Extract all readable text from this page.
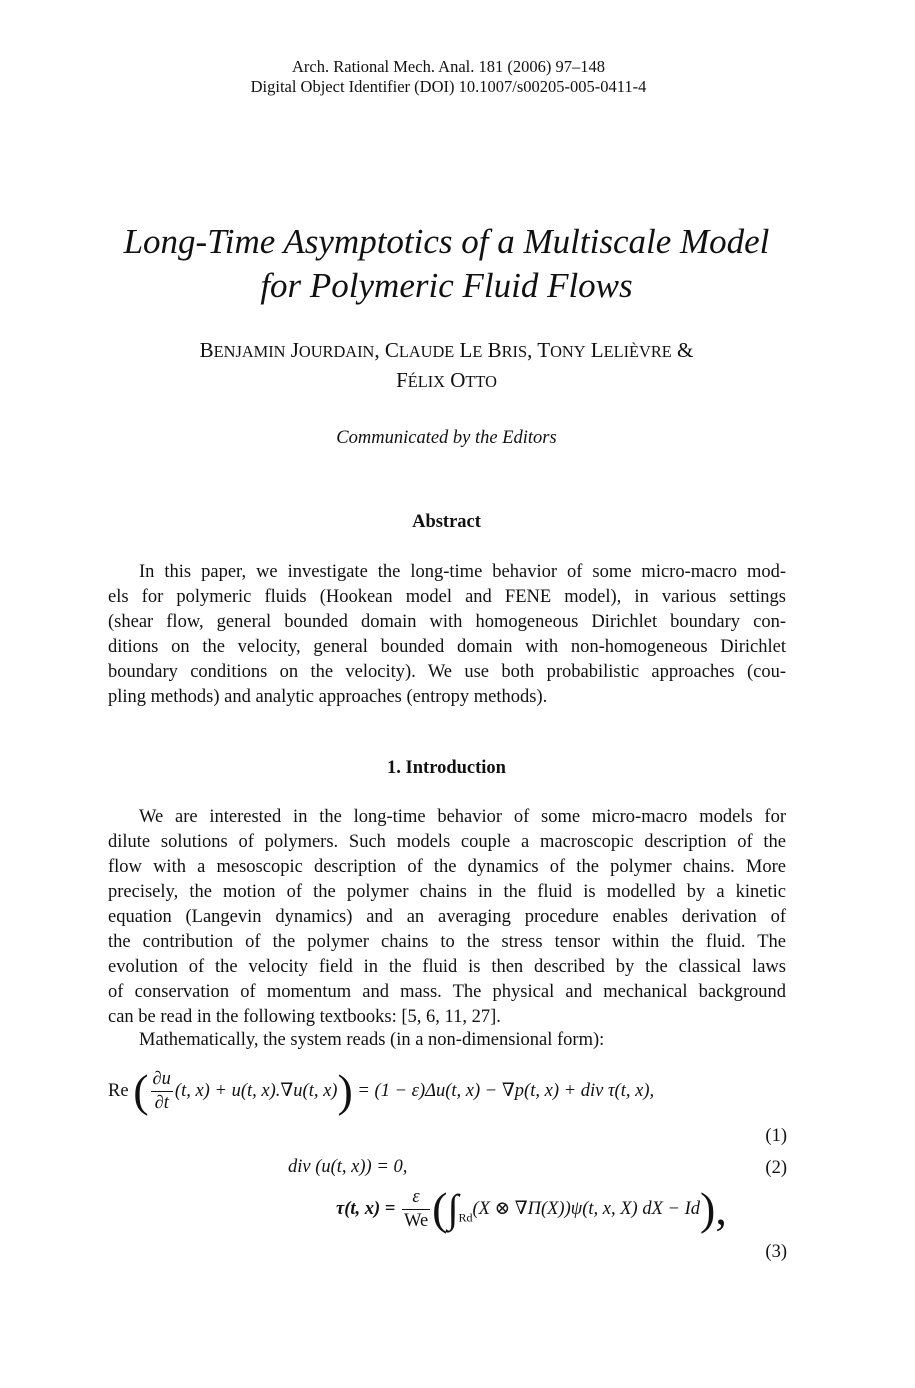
Arch. Rational Mech. Anal. 181 (2006) 97–148
Digital Object Identifier (DOI) 10.1007/s00205-005-0411-4
Long-Time Asymptotics of a Multiscale Model
for Polymeric Fluid Flows
BENJAMIN JOURDAIN, CLAUDE LE BRIS, TONY LELIÈVRE &
FÉLIX OTTO
Communicated by the Editors
Abstract
In this paper, we investigate the long-time behavior of some micro-macro mod-
els for polymeric fluids (Hookean model and FENE model), in various settings
(shear flow, general bounded domain with homogeneous Dirichlet boundary con-
ditions on the velocity, general bounded domain with non-homogeneous Dirichlet
boundary conditions on the velocity). We use both probabilistic approaches (cou-
pling methods) and analytic approaches (entropy methods).
1. Introduction
We are interested in the long-time behavior of some micro-macro models for
dilute solutions of polymers. Such models couple a macroscopic description of the
flow with a mesoscopic description of the dynamics of the polymer chains. More
precisely, the motion of the polymer chains in the fluid is modelled by a kinetic
equation (Langevin dynamics) and an averaging procedure enables derivation of
the contribution of the polymer chains to the stress tensor within the fluid. The
evolution of the velocity field in the fluid is then described by the classical laws
of conservation of momentum and mass. The physical and mechanical background
can be read in the following textbooks: [5, 6, 11, 27].
Mathematically, the system reads (in a non-dimensional form):
Re ( $\frac{\partial u}{\partial t} (t$, x) + u(t, x).∇u(t, x)) = (1 − ε)Δu(t, x) − ∇p(t, x) + div τ(t, x),
(1)
div (u(t, x)) = 0,	(2)
τ(t, $x) = \frac{\varepsilon}{We} (\int_{Rd}(X$ ⊗ ∇Π(X))ψ(t, x, X) dX − Id),
(3)
